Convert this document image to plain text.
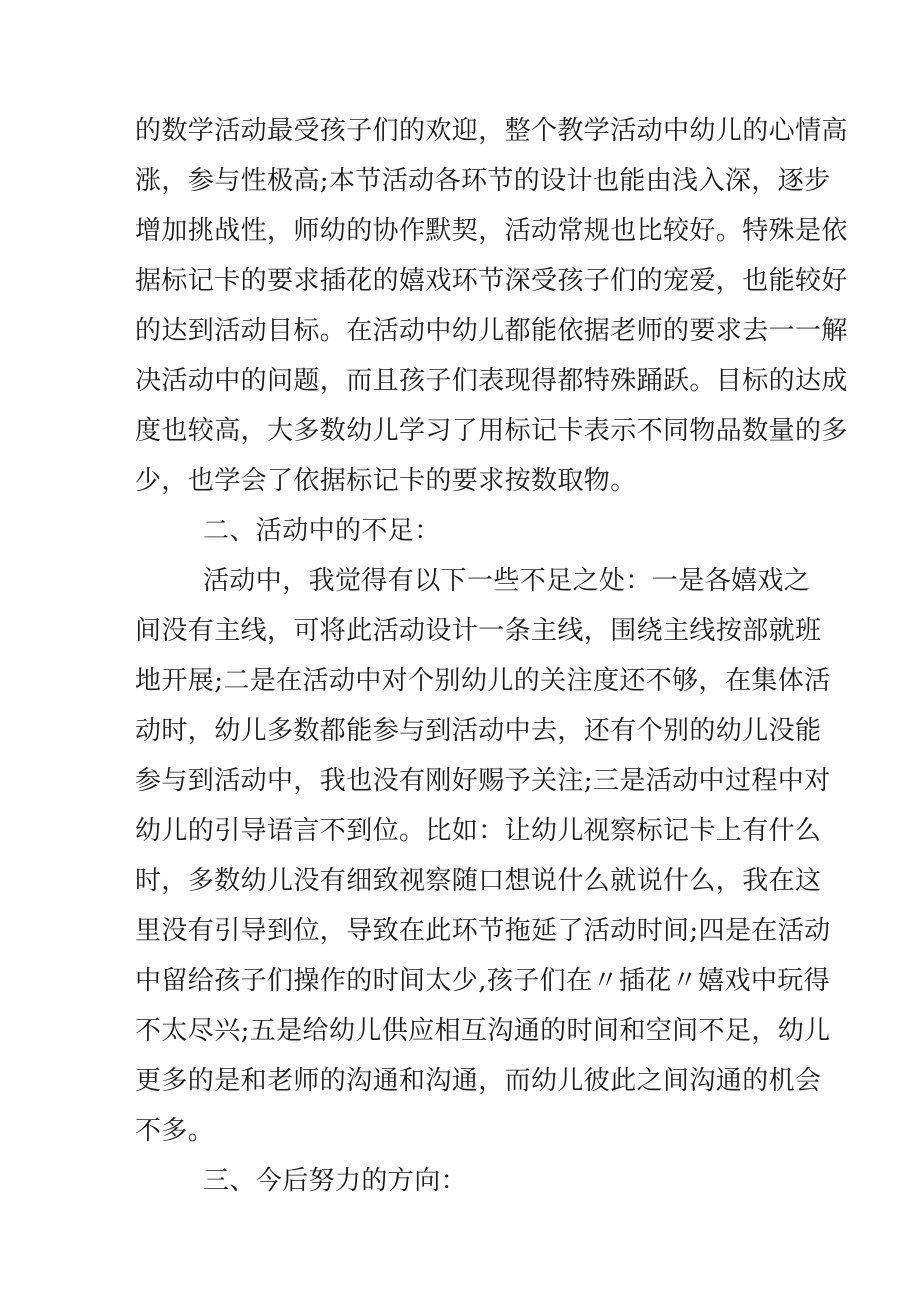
的数学活动最受孩子们的欢迎，整个教学活动中幼儿的心情高
涨，参与性极高;本节活动各环节的设计也能由浅入深，逐步
增加挑战性，师幼的协作默契，活动常规也比较好。特殊是依
据标记卡的要求插花的嬉戏环节深受孩子们的宠爱，也能较好
的达到活动目标。在活动中幼儿都能依据老师的要求去一一解
决活动中的问题，而且孩子们表现得都特殊踊跃。目标的达成
度也较高，大多数幼儿学习了用标记卡表示不同物品数量的多
少，也学会了依据标记卡的要求按数取物。
二、活动中的不足：
活动中，我觉得有以下一些不足之处：一是各嬉戏之
间没有主线，可将此活动设计一条主线，围绕主线按部就班
地开展;二是在活动中对个别幼儿的关注度还不够，在集体活
动时，幼儿多数都能参与到活动中去，还有个别的幼儿没能
参与到活动中，我也没有刚好赐予关注;三是活动中过程中对
幼儿的引导语言不到位。比如：让幼儿视察标记卡上有什么
时，多数幼儿没有细致视察随口想说什么就说什么，我在这
里没有引导到位，导致在此环节拖延了活动时间;四是在活动
中留给孩子们操作的时间太少,孩子们在〃插花〃嬉戏中玩得
不太尽兴;五是给幼儿供应相互沟通的时间和空间不足，幼儿
更多的是和老师的沟通和沟通，而幼儿彼此之间沟通的机会
不多。
三、今后努力的方向：
